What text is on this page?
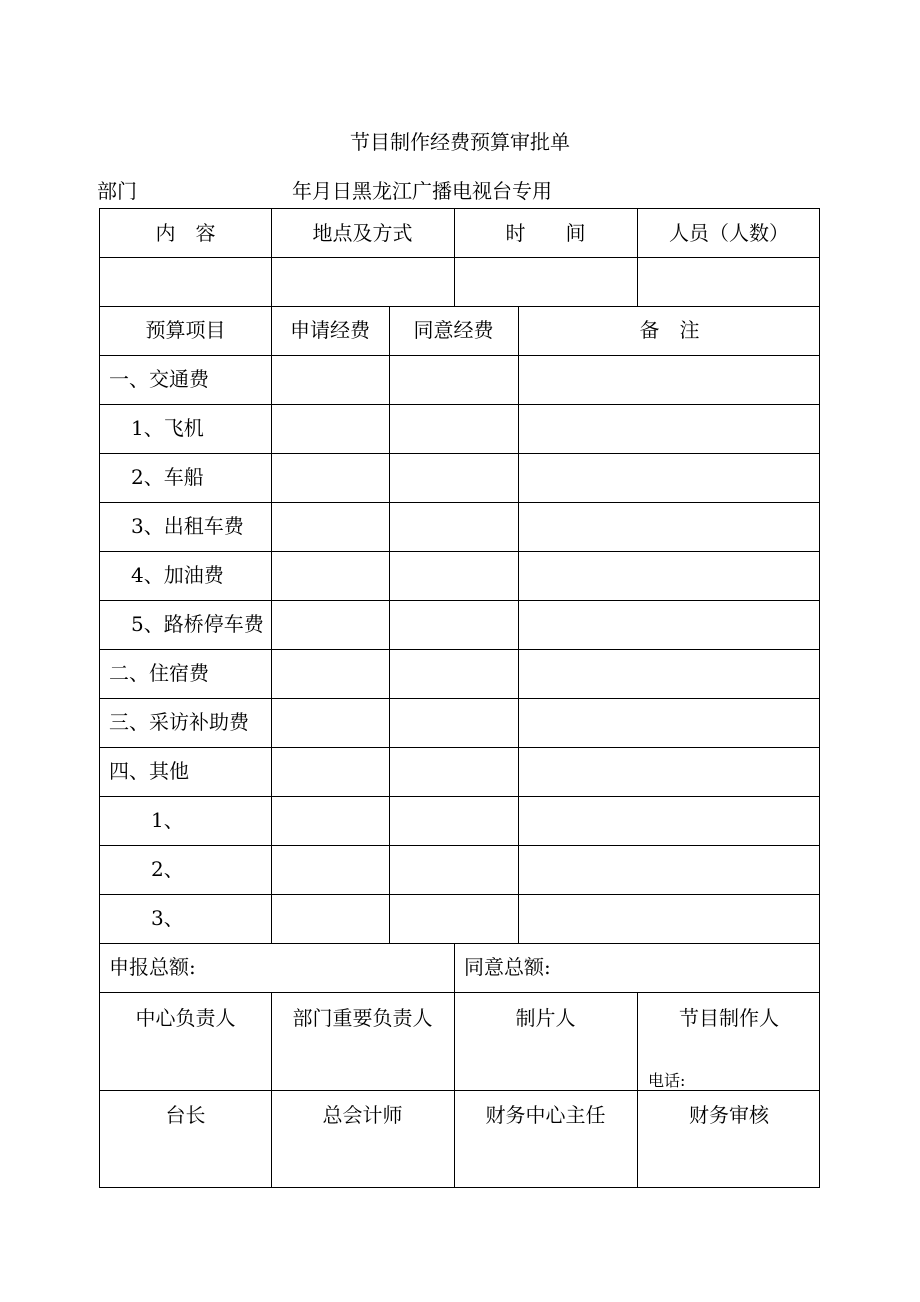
节目制作经费预算审批单
部门	年月日黑龙江广播电视台专用
内　容	地点及方式	时　　间	人员（人数）
预算项目	申请经费	同意经费	备　注
一、交通费
1、飞机
2、车船
3、出租车费
4、加油费
5、路桥停车费
二、住宿费
三、采访补助费
四、其他
1、
2、
3、
申报总额:	同意总额:
中心负责人	部门重要负责人	制片人	节目制作人
电话:
台长	总会计师	财务中心主任	财务审核
